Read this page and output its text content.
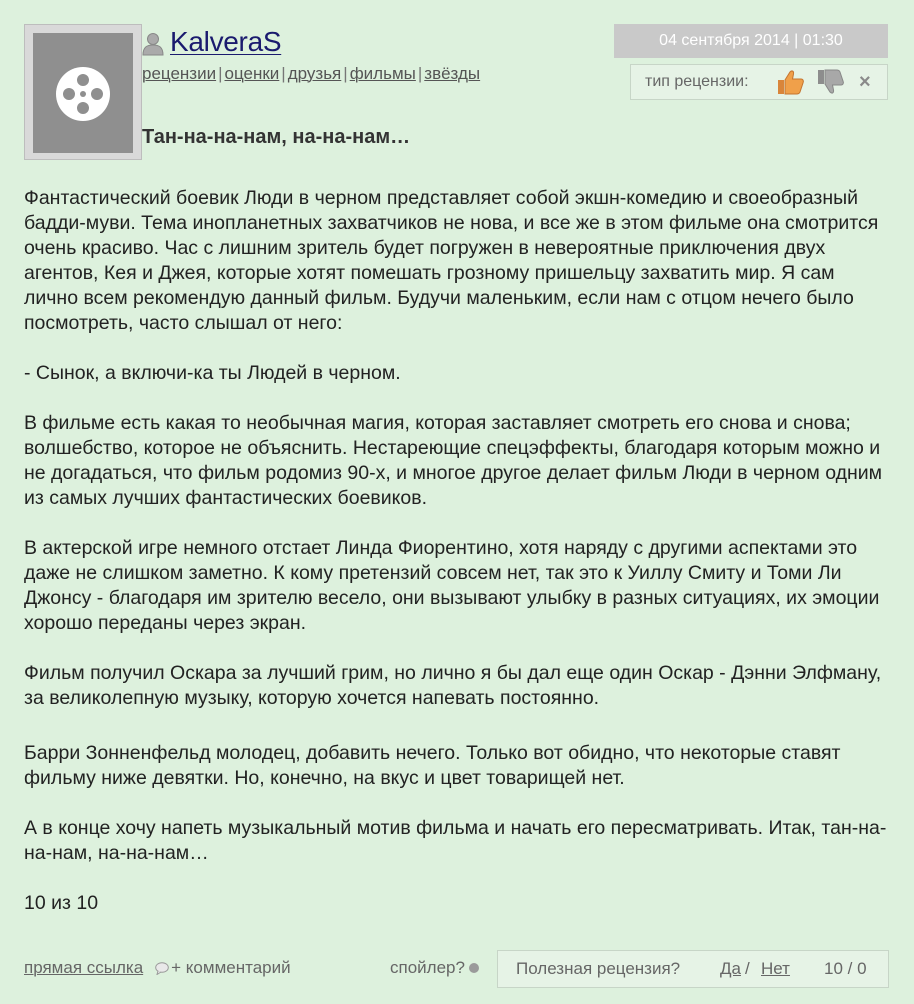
KalveraS
рецензии | оценки | друзья | фильмы | звёзды
04 сентября 2014 | 01:30
тип рецензии:	×
Тан-на-на-нам, на-на-нам…

Фантастический боевик Люди в черном представляет собой экшн-комедию и своеобразный бадди-муви. Тема инопланетных захватчиков не нова, и все же в этом фильме она смотрится очень красиво. Час с лишним зритель будет погружен в невероятные приключения двух агентов, Кея и Джея, которые хотят помешать грозному пришельцу захватить мир. Я сам лично всем рекомендую данный фильм. Будучи маленьким, если нам с отцом нечего было посмотреть, часто слышал от него:

- Сынок, а включи-ка ты Людей в черном.

В фильме есть какая то необычная магия, которая заставляет смотреть его снова и снова; волшебство, которое не объяснить. Нестареющие спецэффекты, благодаря которым можно и не догадаться, что фильм родомиз 90-х, и многое другое делает фильм Люди в черном одним из самых лучших фантастических боевиков.

В актерской игре немного отстает Линда Фиорентино, хотя наряду с другими аспектами это даже не слишком заметно. К кому претензий совсем нет, так это к Уиллу Смиту и Томи Ли Джонсу - благодаря им зрителю весело, они вызывают улыбку в разных ситуациях, их эмоции хорошо переданы через экран.

Фильм получил Оскара за лучший грим, но лично я бы дал еще один Оскар - Дэнни Элфману, за великолепную музыку, которую хочется напевать постоянно.

Барри Зонненфельд молодец, добавить нечего. Только вот обидно, что некоторые ставят фильму ниже девятки. Но, конечно, на вкус и цвет товарищей нет.

А в конце хочу напеть музыкальный мотив фильма и начать его пересматривать. Итак, тан-на-на-нам, на-на-нам…

10 из 10

прямая ссылка + комментарий	спойлер?	Полезная рецензия? Да / Нет 10 / 0
